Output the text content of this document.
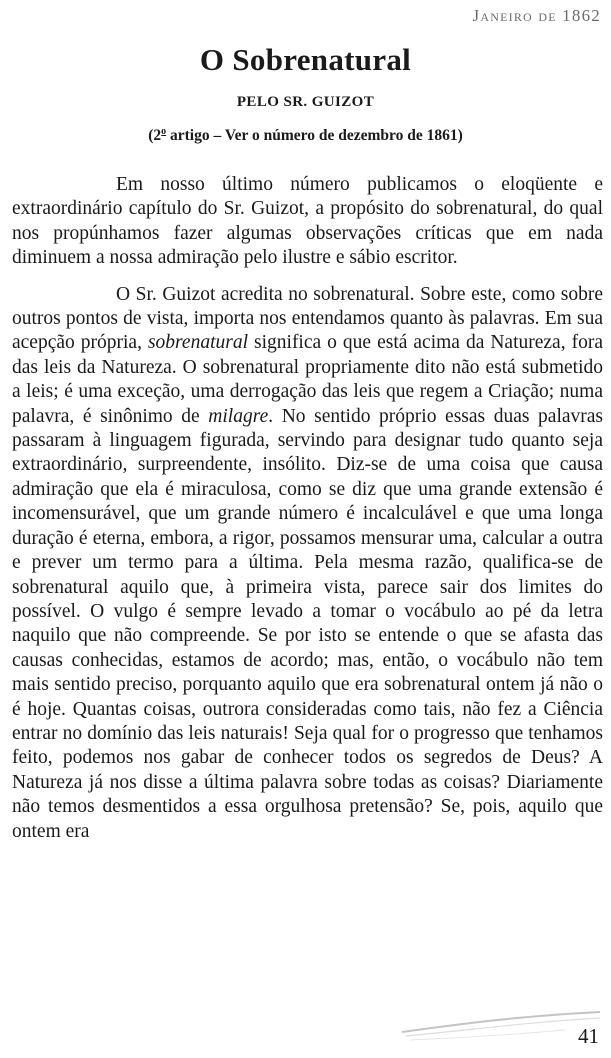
Janeiro de 1862
O Sobrenatural
PELO SR. GUIZOT
(2$^o$ artigo – Ver o número de dezembro de 1861)

Em nosso último número publicamos o eloqüente e extraordinário capítulo do Sr. Guizot, a propósito do sobrenatural, do qual nos propúnhamos fazer algumas observações críticas que em nada diminuem a nossa admiração pelo ilustre e sábio escritor.

O Sr. Guizot acredita no sobrenatural. Sobre este, como sobre outros pontos de vista, importa nos entendamos quanto às palavras. Em sua acepção própria, sobrenatural significa o que está acima da Natureza, fora das leis da Natureza. O sobrenatural propriamente dito não está submetido a leis; é uma exceção, uma derrogação das leis que regem a Criação; numa palavra, é sinônimo de milagre. No sentido próprio essas duas palavras passaram à linguagem figurada, servindo para designar tudo quanto seja extraordinário, surpreendente, insólito. Diz-se de uma coisa que causa admiração que ela é miraculosa, como se diz que uma grande extensão é incomensurável, que um grande número é incalculável e que uma longa duração é eterna, embora, a rigor, possamos mensurar uma, calcular a outra e prever um termo para a última. Pela mesma razão, qualifica-se de sobrenatural aquilo que, à primeira vista, parece sair dos limites do possível. O vulgo é sempre levado a tomar o vocábulo ao pé da letra naquilo que não compreende. Se por isto se entende o que se afasta das causas conhecidas, estamos de acordo; mas, então, o vocábulo não tem mais sentido preciso, porquanto aquilo que era sobrenatural ontem já não o é hoje. Quantas coisas, outrora consideradas como tais, não fez a Ciência entrar no domínio das leis naturais! Seja qual for o progresso que tenhamos feito, podemos nos gabar de conhecer todos os segredos de Deus? A Natureza já nos disse a última palavra sobre todas as coisas? Diariamente não temos desmentidos a essa orgulhosa pretensão? Se, pois, aquilo que ontem era

41
